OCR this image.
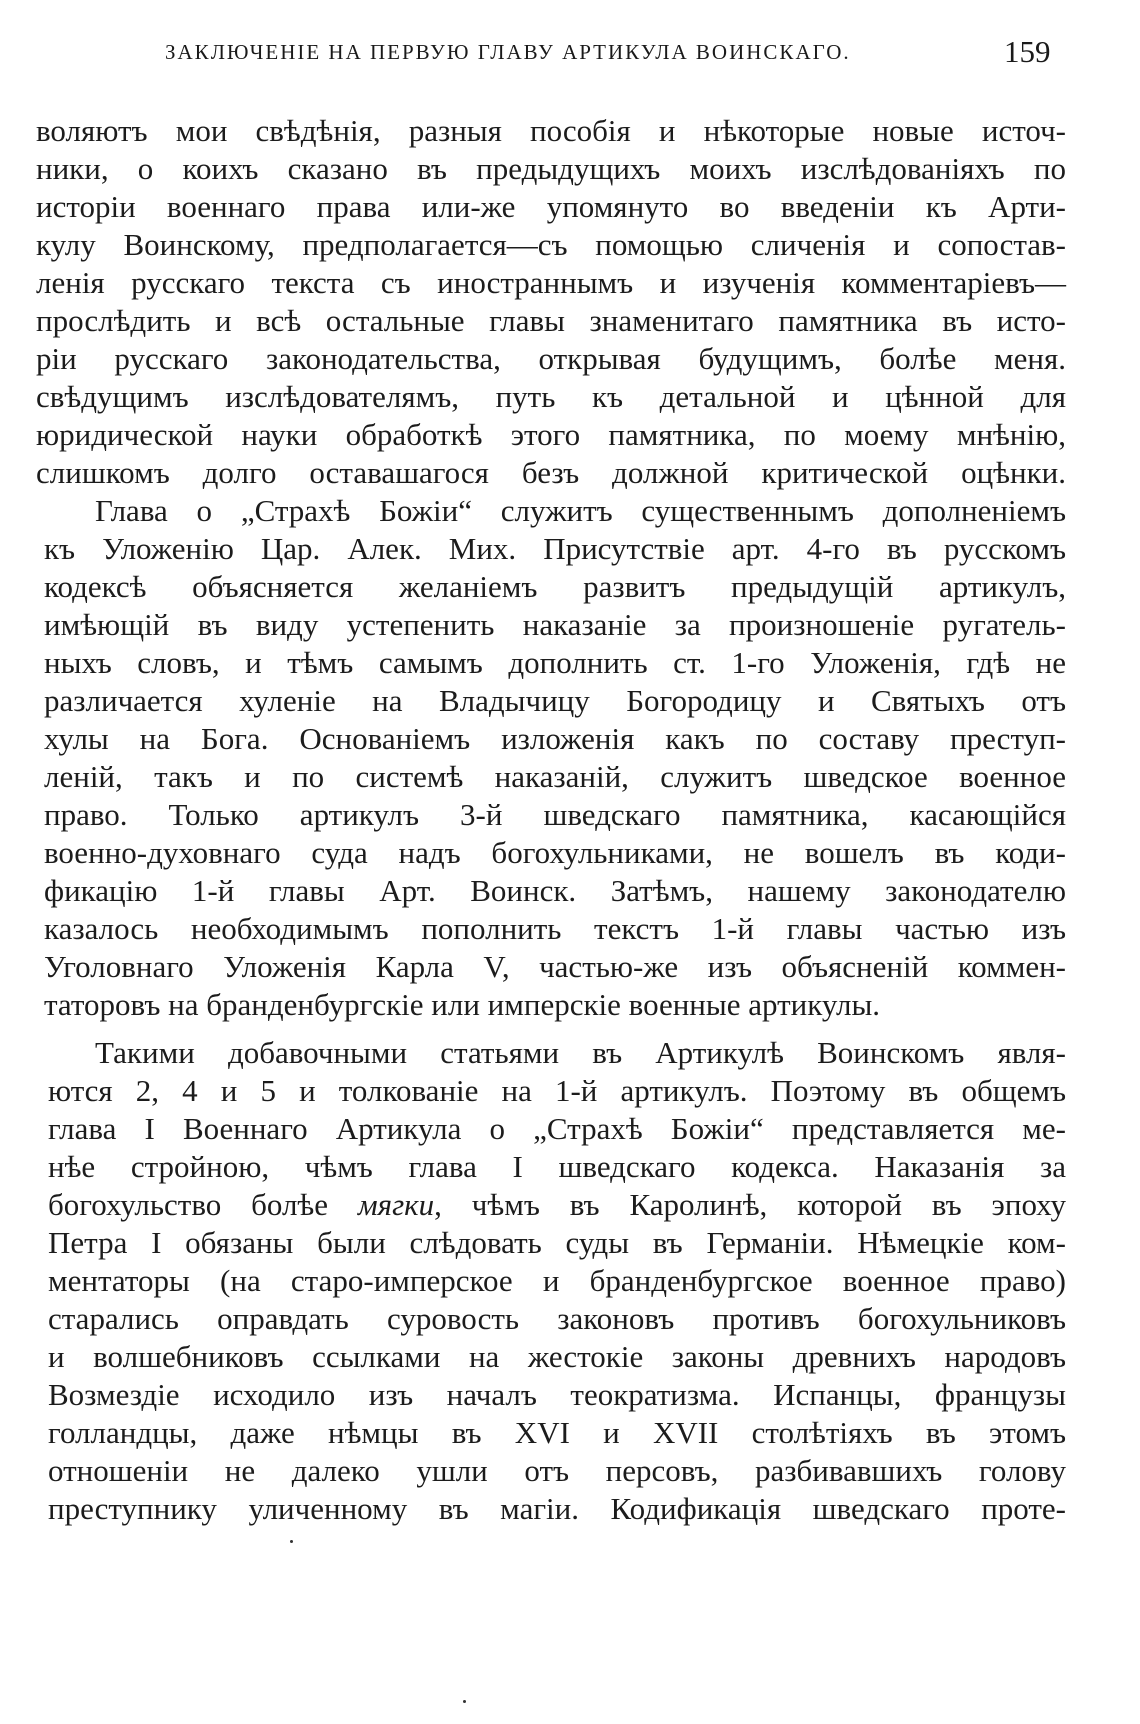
ЗАКЛЮЧЕНІЕ НА ПЕРВУЮ ГЛАВУ АРТИКУЛА ВОИНСКАГО.	159
воляютъ мои свѣдѣнія, разныя пособія и нѣкоторые новые источ-
ники, о коихъ сказано въ предыдущихъ моихъ изслѣдованіяхъ по
исторіи военнаго права или-же упомянуто во введеніи къ Арти-
кулу Воинскому, предполагается—съ помощью сличенія и сопостав-
ленія русскаго текста съ иностраннымъ и изученія комментаріевъ—
прослѣдить и всѣ остальные главы знаменитаго памятника въ исто-
ріи русскаго законодательства, открывая будущимъ, болѣе меня.
свѣдущимъ изслѣдователямъ, путь къ детальной и цѣнной для
юридической науки обработкѣ этого памятника, по моему мнѣнію,
слишкомъ долго оставашагося безъ должной критической оцѣнки.
Глава о „Страхѣ Божіи“ служитъ существеннымъ дополненіемъ
къ Уложенію Цар. Алек. Мих. Присутствіе арт. 4-го въ русскомъ
кодексѣ объясняется желаніемъ развитъ предыдущій артикулъ,
имѣющій въ виду устепенить наказаніе за произношеніе ругатель-
ныхъ словъ, и тѣмъ самымъ дополнить ст. 1-го Уложенія, гдѣ не
различается хуленіе на Владычицу Богородицу и Святыхъ отъ
хулы на Бога. Основаніемъ изложенія какъ по составу преступ-
леній, такъ и по системѣ наказаній, служитъ шведское военное
право. Только артикулъ 3-й шведскаго памятника, касающійся
военно-духовнаго суда надъ богохульниками, не вошелъ въ коди-
фикацію 1-й главы Арт. Воинск. Затѣмъ, нашему законодателю
казалось необходимымъ пополнить текстъ 1-й главы частью изъ
Уголовнаго Уложенія Карла V, частью-же изъ объясненій коммен-
таторовъ на бранденбургскіе или имперскіе военные артикулы.
Такими добавочными статьями въ Артикулѣ Воинскомъ явля-
ются 2, 4 и 5 и толкованіе на 1-й артикулъ. Поэтому въ общемъ
глава I Военнаго Артикула о „Страхѣ Божіи“ представляется ме-
нѣе стройною, чѣмъ глава I шведскаго кодекса. Наказанія за
богохульство болѣе мягки, чѣмъ въ Каролинѣ, которой въ эпоху
Петра I обязаны были слѣдовать суды въ Германіи. Нѣмецкіе ком-
ментаторы (на старо-имперское и бранденбургское военное право)
старались оправдать суровость законовъ противъ богохульниковъ
и волшебниковъ ссылками на жестокіе законы древнихъ народовъ
Возмездіе исходило изъ началъ теократизма. Испанцы, французы
голландцы, даже нѣмцы въ XVI и XVII столѣтіяхъ въ этомъ
отношеніи не далеко ушли отъ персовъ, разбивавшихъ голову
преступнику уличенному въ магіи. Кодификація шведскаго проте-
